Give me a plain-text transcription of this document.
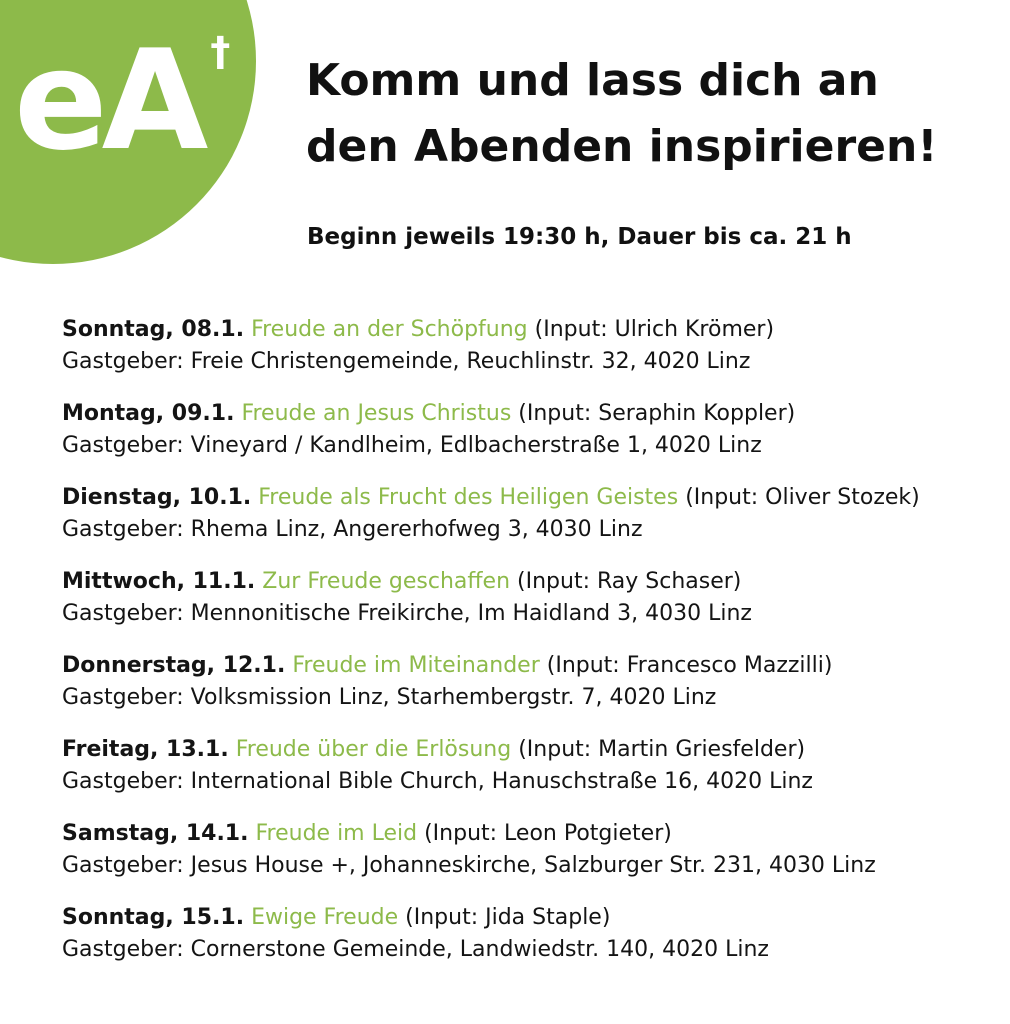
eA †
Komm und lass dich an
den Abenden inspirieren!

Beginn jeweils 19:30 h, Dauer bis ca. 21 h

Sonntag, 08.1. Freude an der Schöpfung (Input: Ulrich Krömer)
Gastgeber: Freie Christengemeinde, Reuchlinstr. 32, 4020 Linz
Montag, 09.1. Freude an Jesus Christus (Input: Seraphin Koppler)
Gastgeber: Vineyard / Kandlheim, Edlbacherstraße 1, 4020 Linz
Dienstag, 10.1. Freude als Frucht des Heiligen Geistes (Input: Oliver Stozek)
Gastgeber: Rhema Linz, Angererhofweg 3, 4030 Linz
Mittwoch, 11.1. Zur Freude geschaffen (Input: Ray Schaser)
Gastgeber: Mennonitische Freikirche, Im Haidland 3, 4030 Linz
Donnerstag, 12.1. Freude im Miteinander (Input: Francesco Mazzilli)
Gastgeber: Volksmission Linz, Starhembergstr. 7, 4020 Linz
Freitag, 13.1. Freude über die Erlösung (Input: Martin Griesfelder)
Gastgeber: International Bible Church, Hanuschstraße 16, 4020 Linz
Samstag, 14.1. Freude im Leid (Input: Leon Potgieter)
Gastgeber: Jesus House +, Johanneskirche, Salzburger Str. 231, 4030 Linz
Sonntag, 15.1. Ewige Freude (Input: Jida Staple)
Gastgeber: Cornerstone Gemeinde, Landwiedstr. 140, 4020 Linz
